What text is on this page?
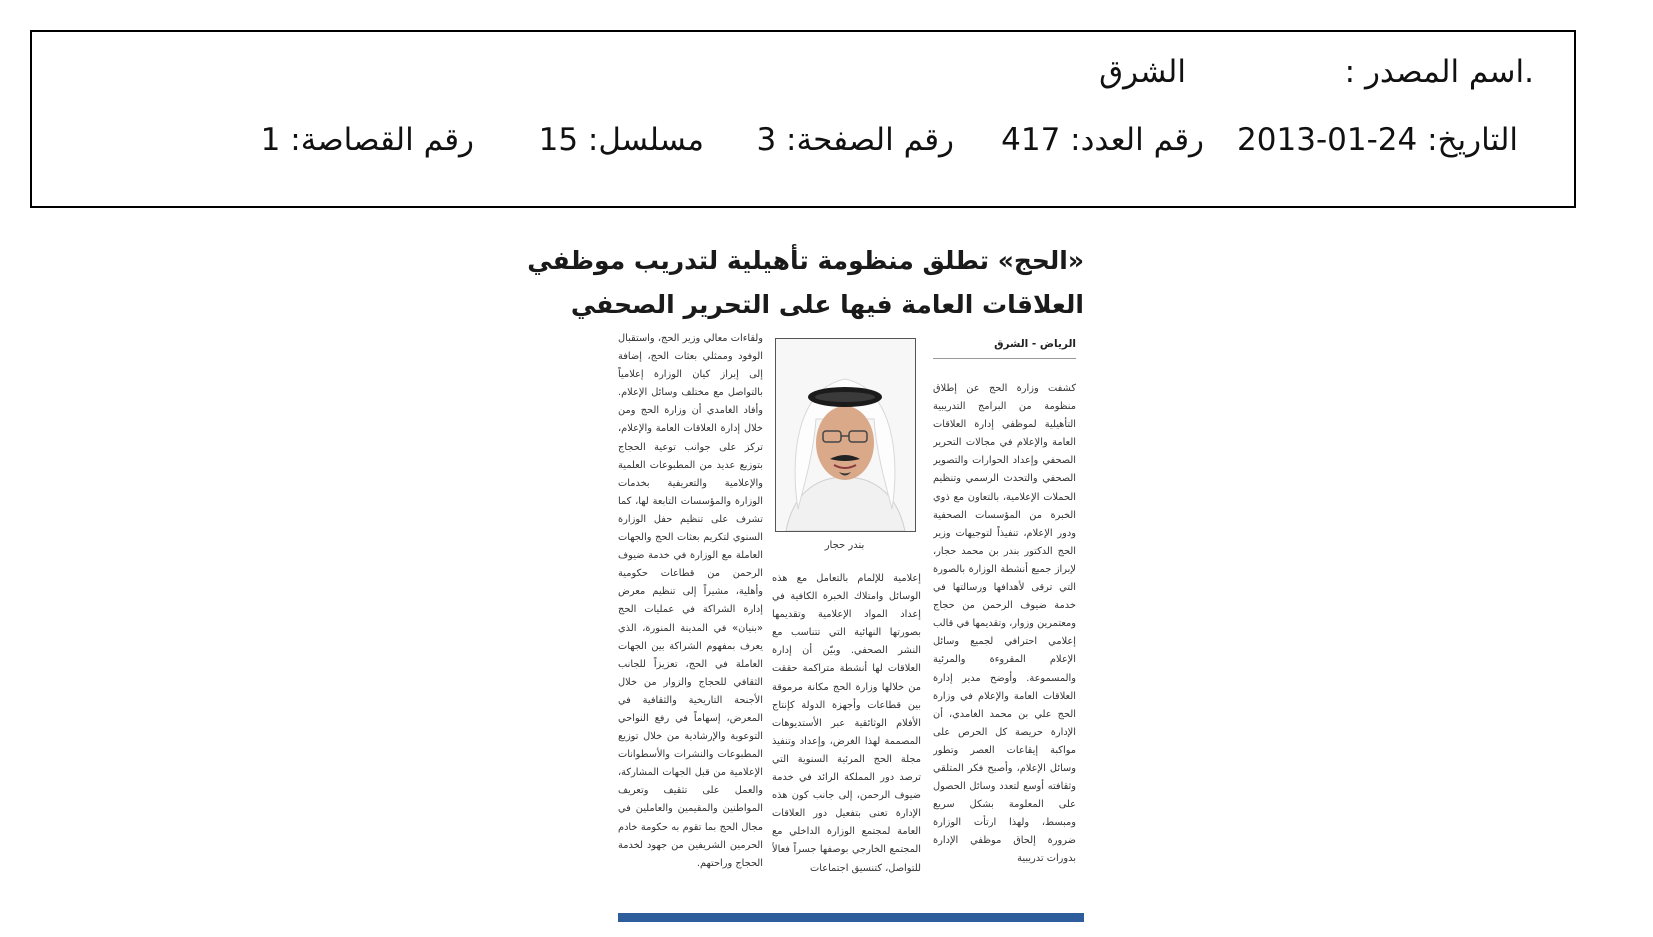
.اسم المصدر :
الشرق
التاريخ: 24-01-2013
رقم العدد: 417
رقم الصفحة: 3
مسلسل: 15
رقم القصاصة: 1
«الحج» تطلق منظومة تأهيلية لتدريب موظفي
العلاقات العامة فيها على التحرير الصحفي
الرياض - الشرق
كشفت وزارة الحج عن إطلاق منظومة من البرامج التدريبية التأهيلية لموظفي إدارة العلاقات العامة والإعلام في مجالات التحرير الصحفي وإعداد الحوارات والتصوير الصحفي والتحدث الرسمي وتنظيم الحملات الإعلامية، بالتعاون مع ذوي الخبرة من المؤسسات الصحفية ودور الإعلام، تنفيذاً لتوجيهات وزير الحج الدكتور بندر بن محمد حجار، لإبراز جميع أنشطة الوزارة بالصورة التي ترقى لأهدافها ورسالتها في خدمة ضيوف الرحمن من حجاج ومعتمرين وزوار، وتقديمها في قالب إعلامي احترافي لجميع وسائل الإعلام المقروءة والمرئية والمسموعة. وأوضح مدير إدارة العلاقات العامة والإعلام في وزارة الحج علي بن محمد الغامدي، أن الإدارة حريصة كل الحرص على مواكبة إيقاعات العصر وتطور وسائل الإعلام، وأصبح فكر المتلقي وثقافته أوسع لتعدد وسائل الحصول على المعلومة بشكل سريع ومبسط، ولهذا ارتأت الوزارة ضرورة إلحاق موظفي الإدارة بدورات تدريبية
بندر حجار
إعلامية للإلمام بالتعامل مع هذه الوسائل وامتلاك الخبرة الكافية في إعداد المواد الإعلامية وتقديمها بصورتها النهائية التي تتناسب مع النشر الصحفي. وبيّن أن إدارة العلاقات لها أنشطة متراكمة حققت من خلالها وزارة الحج مكانة مرموقة بين قطاعات وأجهزة الدولة كإنتاج الأفلام الوثائقية عبر الأستديوهات المصممة لهذا الغرض، وإعداد وتنفيذ مجلة الحج المرئية السنوية التي ترصد دور المملكة الرائد في خدمة ضيوف الرحمن، إلى جانب كون هذه الإدارة تعنى بتفعيل دور العلاقات العامة لمجتمع الوزارة الداخلي مع المجتمع الخارجي بوصفها جسراً فعالاً للتواصل، كتنسيق اجتماعات
ولقاءات معالي وزير الحج، واستقبال الوفود وممثلي بعثات الحج، إضافة إلى إبراز كيان الوزارة إعلامياً بالتواصل مع مختلف وسائل الإعلام. وأفاد الغامدي أن وزارة الحج ومن خلال إدارة العلاقات العامة والإعلام، تركز على جوانب توعية الحجاج بتوزيع عديد من المطبوعات العلمية والإعلامية والتعريفية بخدمات الوزارة والمؤسسات التابعة لها، كما تشرف على تنظيم حفل الوزارة السنوي لتكريم بعثات الحج والجهات العاملة مع الوزارة في خدمة ضيوف الرحمن من قطاعات حكومية وأهلية، مشيراً إلى تنظيم معرض إدارة الشراكة في عمليات الحج «بنيان» في المدينة المنورة، الذي يعرف بمفهوم الشراكة بين الجهات العاملة في الحج، تعزيزاً للجانب الثقافي للحجاج والزوار من خلال الأجنحة التاريخية والثقافية في المعرض، إسهاماً في رفع النواحي التوعوية والإرشادية من خلال توزيع المطبوعات والنشرات والأسطوانات الإعلامية من قبل الجهات المشاركة، والعمل على تثقيف وتعريف المواطنين والمقيمين والعاملين في مجال الحج بما تقوم به حكومة خادم الحرمين الشريفين من جهود لخدمة الحجاج وراحتهم.
